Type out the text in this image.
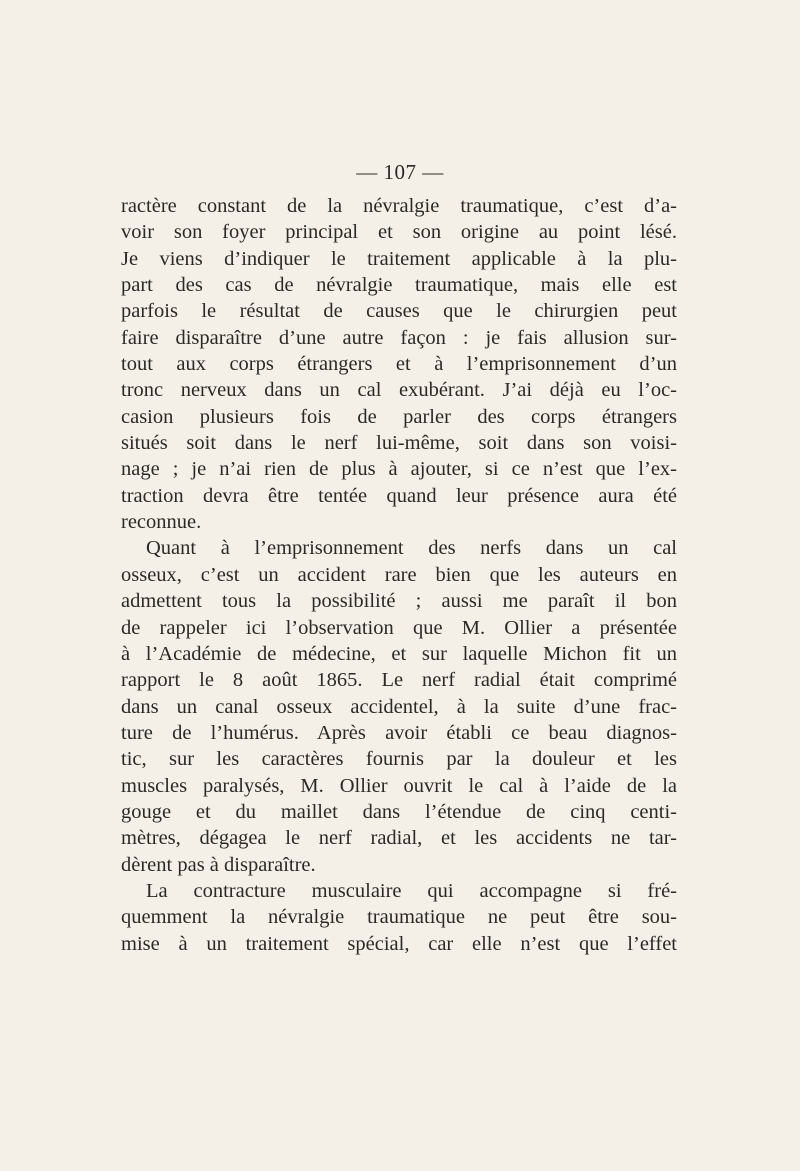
— 107 —
ractère constant de la névralgie traumatique, c’est d’a-
voir son foyer principal et son origine au point lésé.
Je viens d’indiquer le traitement applicable à la plu-
part des cas de névralgie traumatique, mais elle est
parfois le résultat de causes que le chirurgien peut
faire disparaître d’une autre façon : je fais allusion sur-
tout aux corps étrangers et à l’emprisonnement d’un
tronc nerveux dans un cal exubérant. J’ai déjà eu l’oc-
casion plusieurs fois de parler des corps étrangers
situés soit dans le nerf lui-même, soit dans son voisi-
nage ; je n’ai rien de plus à ajouter, si ce n’est que l’ex-
traction devra être tentée quand leur présence aura été
reconnue.
Quant à l’emprisonnement des nerfs dans un cal
osseux, c’est un accident rare bien que les auteurs en
admettent tous la possibilité ; aussi me paraît il bon
de rappeler ici l’observation que M. Ollier a présentée
à l’Académie de médecine, et sur laquelle Michon fit un
rapport le 8 août 1865. Le nerf radial était comprimé
dans un canal osseux accidentel, à la suite d’une frac-
ture de l’humérus. Après avoir établi ce beau diagnos-
tic, sur les caractères fournis par la douleur et les
muscles paralysés, M. Ollier ouvrit le cal à l’aide de la
gouge et du maillet dans l’étendue de cinq centi-
mètres, dégagea le nerf radial, et les accidents ne tar-
dèrent pas à disparaître.
La contracture musculaire qui accompagne si fré-
quemment la névralgie traumatique ne peut être sou-
mise à un traitement spécial, car elle n’est que l’effet
